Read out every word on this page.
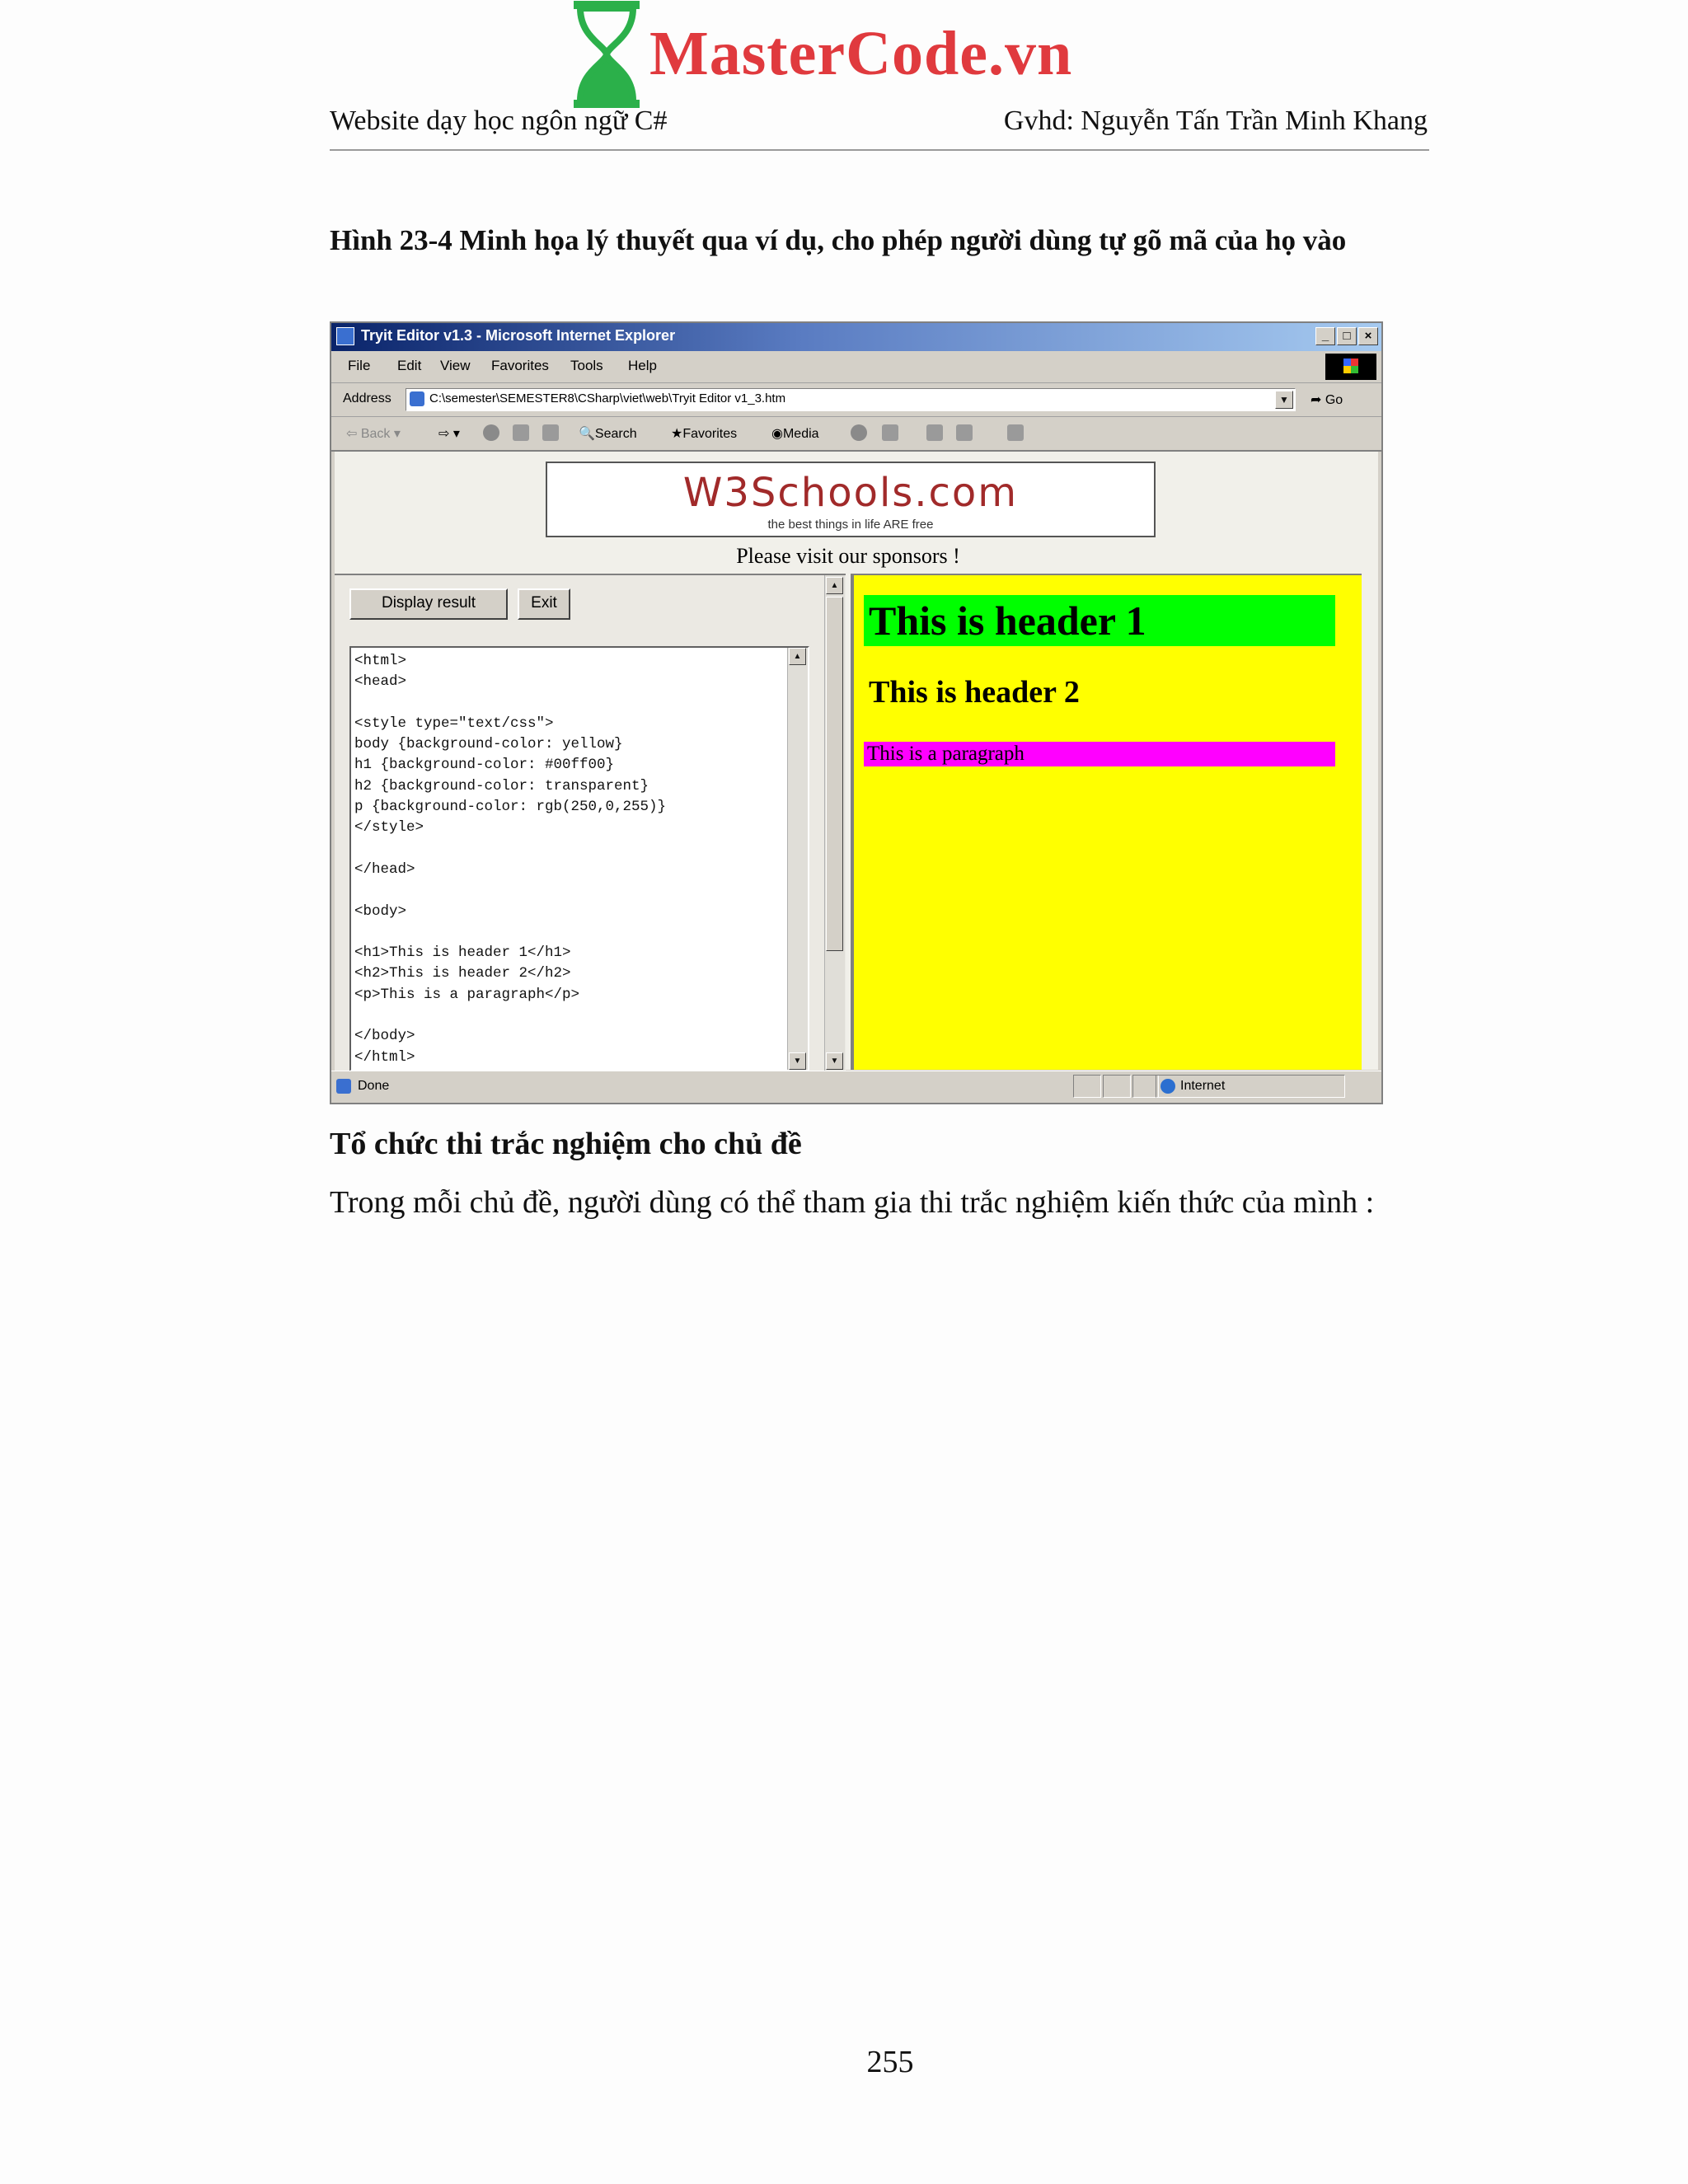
MasterCode.vn
Website dạy học ngôn ngữ C#	Gvhd: Nguyễn Tấn Trần Minh Khang
Hình 23-4 Minh họa lý thuyết qua ví dụ, cho phép người dùng tự gõ mã của họ vào
Tryit Editor v1.3 - Microsoft Internet Explorer	_	□	×
File Edit View Favorites Tools Help
Address	C:\semester\SEMESTER8\CSharp\viet\web\Tryit Editor v1_3.htm	▼	➦ Go
⇦ Back ▾	⇨ ▾	🔍Search	★Favorites	◉Media
W3Schools.com
the best things in life ARE free
Please visit our sponsors !
Display result	Exit
<html>
<head>

<style type="text/css">
body {background-color: yellow}
h1 {background-color: #00ff00}
h2 {background-color: transparent}
p {background-color: rgb(250,0,255)}
</style>

</head>

<body>

<h1>This is header 1</h1>
<h2>This is header 2</h2>
<p>This is a paragraph</p>

</body>
</html>
▲
▼
▲
▼
This is header 1
This is header 2
This is a paragraph
Done	Internet
Tổ chức thi trắc nghiệm cho chủ đề
Trong mỗi chủ đề, người dùng có thể tham gia thi trắc nghiệm kiến thức của mình :
255
